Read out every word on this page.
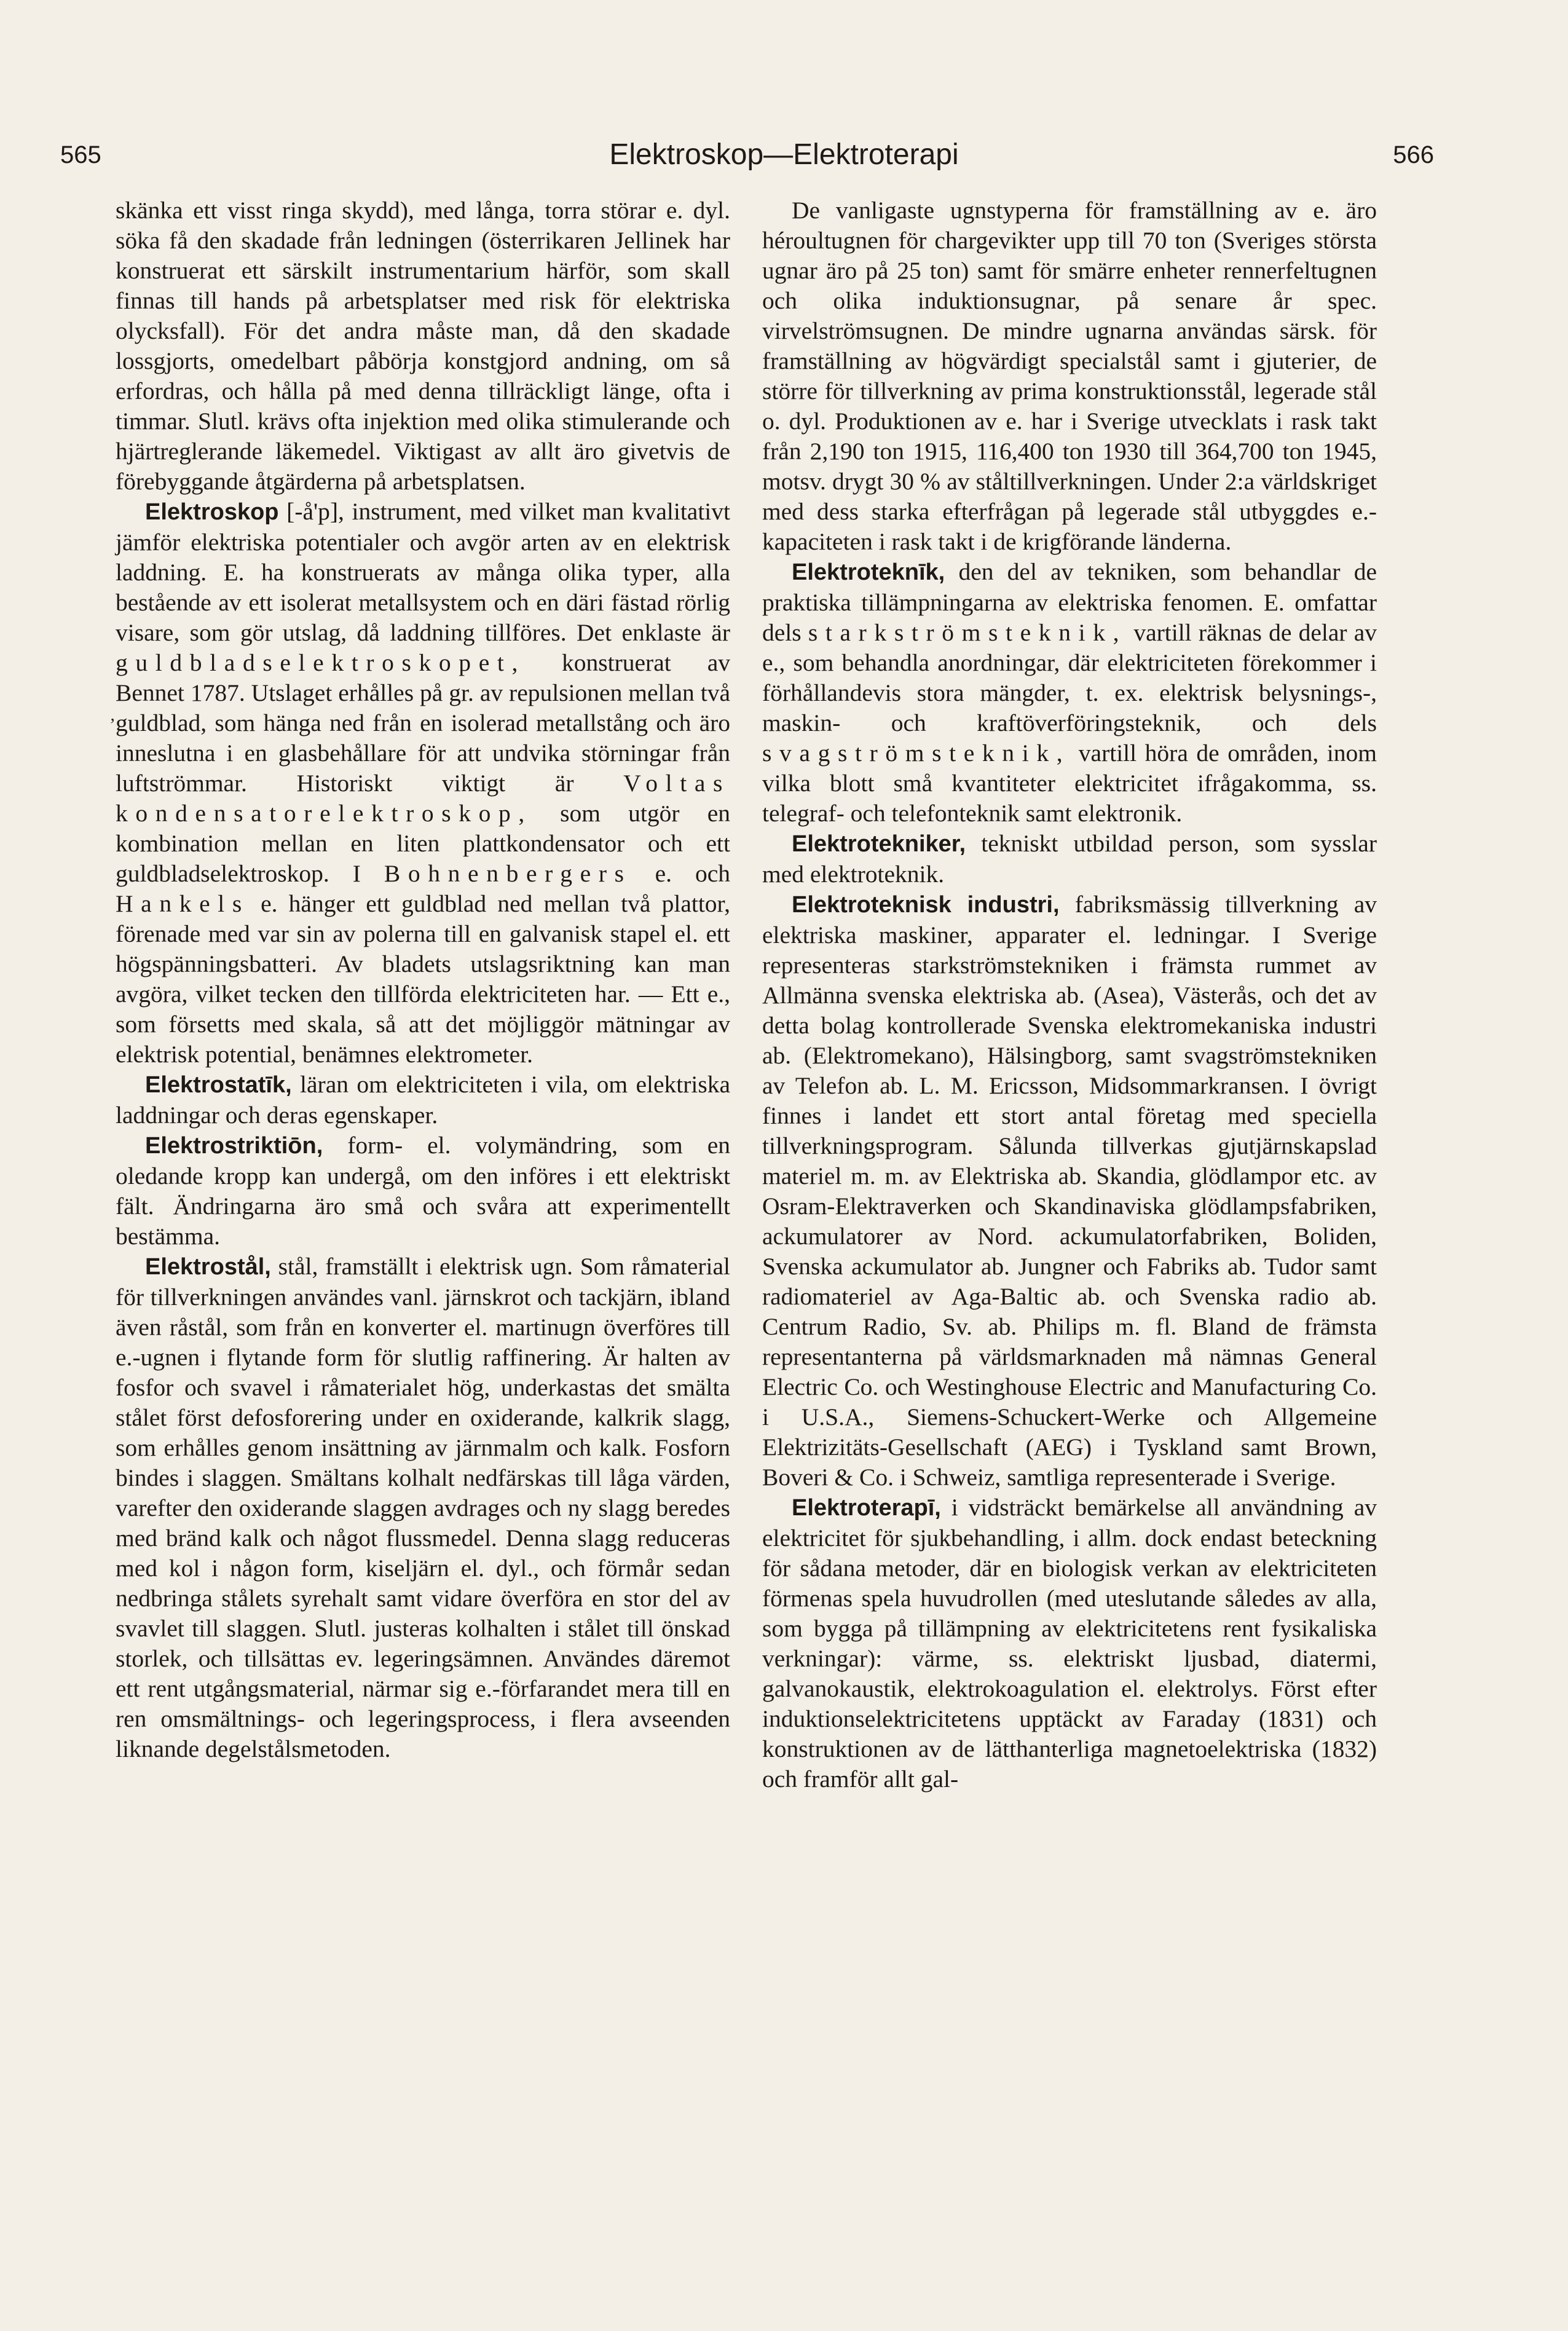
565	Elektroskop—Elektroterapi	566
‚

skänka ett visst ringa skydd), med långa, torra störar e. dyl. söka få den skadade från ledningen (österrikaren Jellinek har konstruerat ett särskilt instrumentarium härför, som skall finnas till hands på arbetsplatser med risk för elektriska olycksfall). För det andra måste man, då den skadade lossgjorts, omedelbart påbörja konstgjord andning, om så erfordras, och hålla på med denna tillräckligt länge, ofta i timmar. Slutl. krävs ofta injektion med olika stimulerande och hjärtreglerande läkemedel. Viktigast av allt äro givetvis de förebyggande åtgärderna på arbetsplatsen.

Elektroskop [-å'p], instrument, med vilket man kvalitativt jämför elektriska potentialer och avgör arten av en elektrisk laddning. E. ha konstruerats av många olika typer, alla bestående av ett isolerat metallsystem och en däri fästad rörlig visare, som gör utslag, då laddning tillföres. Det enklaste är guldbladselektroskopet, konstruerat av Bennet 1787. Utslaget erhålles på gr. av repulsionen mellan två guldblad, som hänga ned från en isolerad metallstång och äro inneslutna i en glasbehållare för att undvika störningar från luftströmmar. Historiskt viktigt är Voltas kondensatorelektroskop, som utgör en kombination mellan en liten plattkondensator och ett guldbladselektroskop. I Bohnenbergers e. och Hankels e. hänger ett guldblad ned mellan två plattor, förenade med var sin av polerna till en galvanisk stapel el. ett högspänningsbatteri. Av bladets utslagsriktning kan man avgöra, vilket tecken den tillförda elektriciteten har. — Ett e., som försetts med skala, så att det möjliggör mätningar av elektrisk potential, benämnes elektrometer.

Elektrostatīk, läran om elektriciteten i vila, om elektriska laddningar och deras egenskaper.

Elektrostriktiōn, form- el. volymändring, som en oledande kropp kan undergå, om den införes i ett elektriskt fält. Ändringarna äro små och svåra att experimentellt bestämma.

Elektrostål, stål, framställt i elektrisk ugn. Som råmaterial för tillverkningen användes vanl. järnskrot och tackjärn, ibland även råstål, som från en konverter el. martinugn överföres till e.-ugnen i flytande form för slutlig raffinering. Är halten av fosfor och svavel i råmaterialet hög, underkastas det smälta stålet först defosforering under en oxiderande, kalkrik slagg, som erhålles genom insättning av järnmalm och kalk. Fosforn bindes i slaggen. Smältans kolhalt nedfärskas till låga värden, varefter den oxiderande slaggen avdrages och ny slagg beredes med bränd kalk och något flussmedel. Denna slagg reduceras med kol i någon form, kiseljärn el. dyl., och förmår sedan nedbringa stålets syrehalt samt vidare överföra en stor del av svavlet till slaggen. Slutl. justeras kolhalten i stålet till önskad storlek, och tillsättas ev. legeringsämnen. Användes däremot ett rent utgångsmaterial, närmar sig e.-förfarandet mera till en ren omsmältnings- och legeringsprocess, i flera avseenden liknande degelstålsmetoden.

De vanligaste ugnstyperna för framställning av e. äro héroultugnen för chargevikter upp till 70 ton (Sveriges största ugnar äro på 25 ton) samt för smärre enheter rennerfeltugnen och olika induktionsugnar, på senare år spec. virvelströmsugnen. De mindre ugnarna användas särsk. för framställning av högvärdigt specialstål samt i gjuterier, de större för tillverkning av prima konstruktionsstål, legerade stål o. dyl. Produktionen av e. har i Sverige utvecklats i rask takt från 2,190 ton 1915, 116,400 ton 1930 till 364,700 ton 1945, motsv. drygt 30 % av ståltillverkningen. Under 2:a världskriget med dess starka efterfrågan på legerade stål utbyggdes e.-kapaciteten i rask takt i de krigförande länderna.

Elektroteknīk, den del av tekniken, som behandlar de praktiska tillämpningarna av elektriska fenomen. E. omfattar dels starkströmsteknik, vartill räknas de delar av e., som behandla anordningar, där elektriciteten förekommer i förhållandevis stora mängder, t. ex. elektrisk belysnings-, maskin- och kraftöverföringsteknik, och dels svagströmsteknik, vartill höra de områden, inom vilka blott små kvantiteter elektricitet ifrågakomma, ss. telegraf- och telefonteknik samt elektronik.

Elektrotekniker, tekniskt utbildad person, som sysslar med elektroteknik.

Elektroteknisk industri, fabriksmässig tillverkning av elektriska maskiner, apparater el. ledningar. I Sverige representeras starkströmstekniken i främsta rummet av Allmänna svenska elektriska ab. (Asea), Västerås, och det av detta bolag kontrollerade Svenska elektromekaniska industri ab. (Elektromekano), Hälsingborg, samt svagströmstekniken av Telefon ab. L. M. Ericsson, Midsommarkransen. I övrigt finnes i landet ett stort antal företag med speciella tillverkningsprogram. Sålunda tillverkas gjutjärnskapslad materiel m. m. av Elektriska ab. Skandia, glödlampor etc. av Osram-Elektraverken och Skandinaviska glödlampsfabriken, ackumulatorer av Nord. ackumulatorfabriken, Boliden, Svenska ackumulator ab. Jungner och Fabriks ab. Tudor samt radiomateriel av Aga-Baltic ab. och Svenska radio ab. Centrum Radio, Sv. ab. Philips m. fl. Bland de främsta representanterna på världsmarknaden må nämnas General Electric Co. och Westinghouse Electric and Manufacturing Co. i U.S.A., Siemens-Schuckert-Werke och Allgemeine Elektrizitäts-Gesellschaft (AEG) i Tyskland samt Brown, Boveri & Co. i Schweiz, samtliga representerade i Sverige.

Elektroterapī, i vidsträckt bemärkelse all användning av elektricitet för sjukbehandling, i allm. dock endast beteckning för sådana metoder, där en biologisk verkan av elektriciteten förmenas spela huvudrollen (med uteslutande således av alla, som bygga på tillämpning av elektricitetens rent fysikaliska verkningar): värme, ss. elektriskt ljusbad, diatermi, galvanokaustik, elektrokoagulation el. elektrolys. Först efter induktionselektricitetens upptäckt av Faraday (1831) och konstruktionen av de lätthanterliga magnetoelektriska (1832) och framför allt gal-
